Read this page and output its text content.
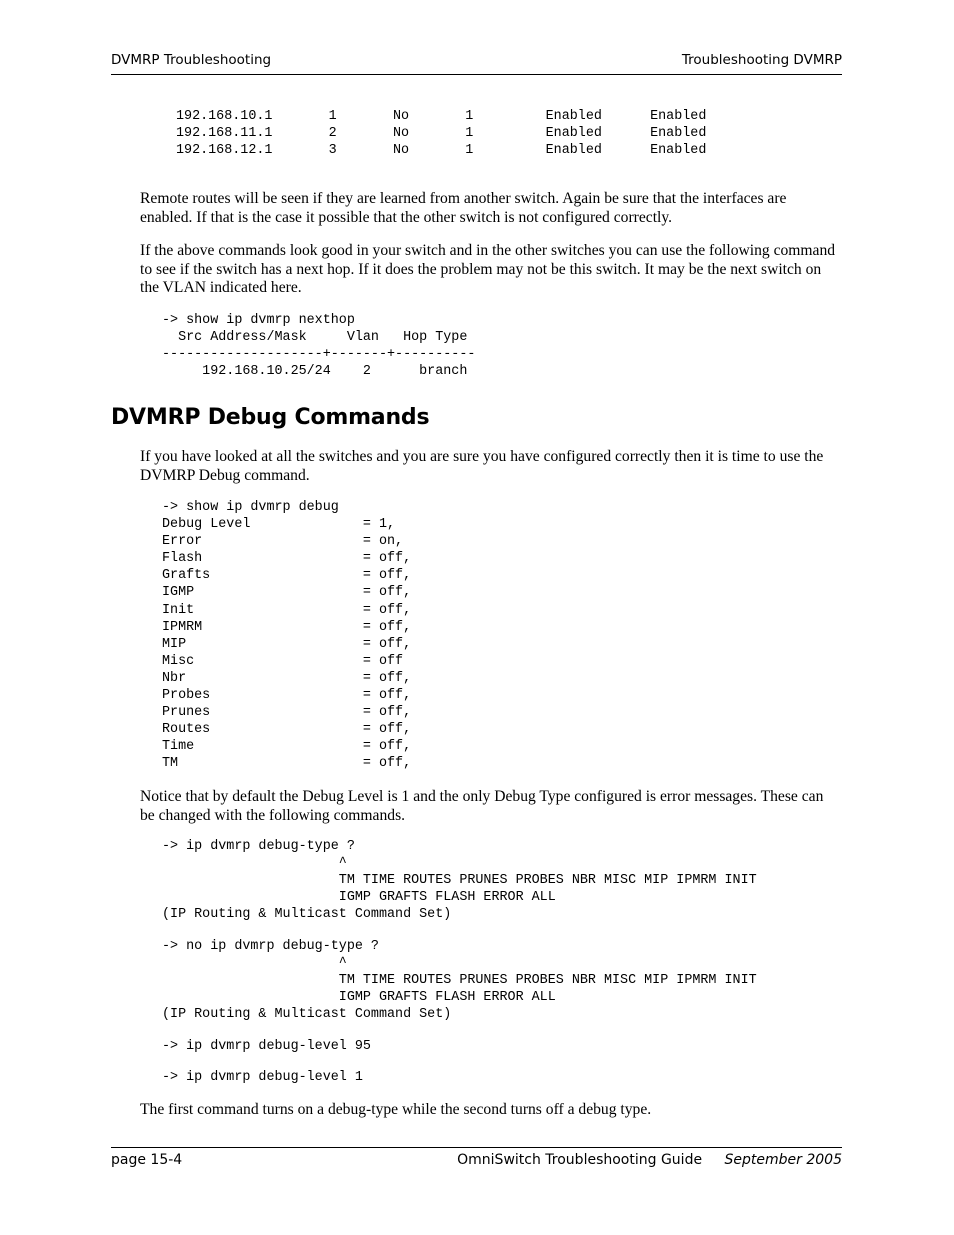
DVMRP Troubleshooting	Troubleshooting DVMRP
192.168.10.1       1       No       1         Enabled      Enabled
192.168.11.1       2       No       1         Enabled      Enabled
192.168.12.1       3       No       1         Enabled      Enabled
Remote routes will be seen if they are learned from another switch. Again be sure that the interfaces are enabled. If that is the case it possible that the other switch is not configured correctly.
If the above commands look good in your switch and in the other switches you can use the following command to see if the switch has a next hop. If it does the problem may not be this switch. It may be the next switch on the VLAN indicated here.
-> show ip dvmrp nexthop
Src Address/Mask     Vlan   Hop Type
--------------------+-------+----------
192.168.10.25/24    2      branch
DVMRP Debug Commands
If you have looked at all the switches and you are sure you have configured correctly then it is time to use the DVMRP Debug command.
-> show ip dvmrp debug
Debug Level              = 1,
Error                    = on,
Flash                    = off,
Grafts                   = off,
IGMP                     = off,
Init                     = off,
IPMRM                    = off,
MIP                      = off,
Misc                     = off
Nbr                      = off,
Probes                   = off,
Prunes                   = off,
Routes                   = off,
Time                     = off,
TM                       = off,
Notice that by default the Debug Level is 1 and the only Debug Type configured is error messages. These can be changed with the following commands.
-> ip dvmrp debug-type ?
^
TM TIME ROUTES PRUNES PROBES NBR MISC MIP IPMRM INIT
IGMP GRAFTS FLASH ERROR ALL
(IP Routing & Multicast Command Set)
-> no ip dvmrp debug-type ?
^
TM TIME ROUTES PRUNES PROBES NBR MISC MIP IPMRM INIT
IGMP GRAFTS FLASH ERROR ALL
(IP Routing & Multicast Command Set)
-> ip dvmrp debug-level 95
-> ip dvmrp debug-level 1
The first command turns on a debug-type while the second turns off a debug type.
page 15-4	OmniSwitch Troubleshooting Guide September 2005
